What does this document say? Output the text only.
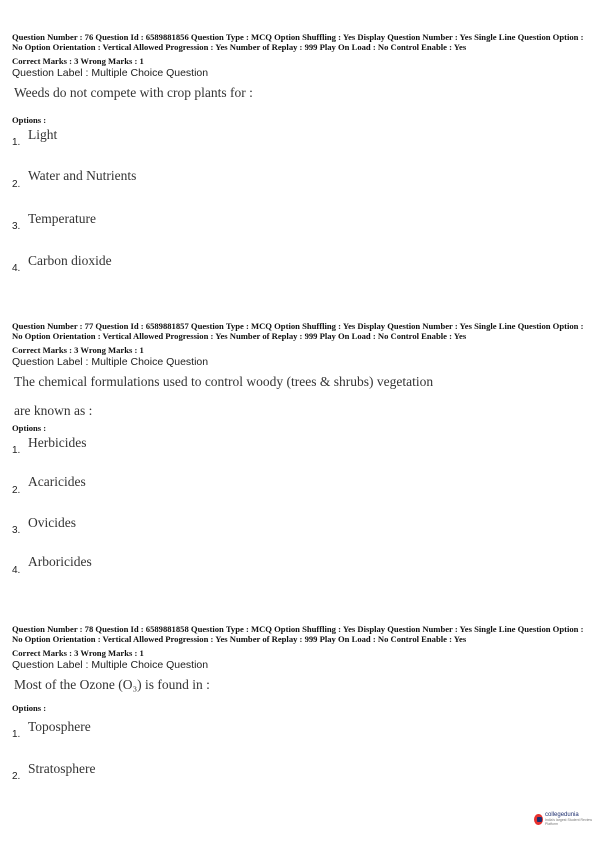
Question Number : 76 Question Id : 6589881856 Question Type : MCQ Option Shuffling : Yes Display Question Number : Yes Single Line Question Option : No Option Orientation : Vertical Allowed Progression : Yes Number of Replay : 999 Play On Load : No Control Enable : Yes
Correct Marks : 3 Wrong Marks : 1
Question Label : Multiple Choice Question
Weeds do not compete with crop plants for :
Options :
1.
Light
2.
Water and Nutrients
3.
Temperature
4.
Carbon dioxide
Question Number : 77 Question Id : 6589881857 Question Type : MCQ Option Shuffling : Yes Display Question Number : Yes Single Line Question Option : No Option Orientation : Vertical Allowed Progression : Yes Number of Replay : 999 Play On Load : No Control Enable : Yes
Correct Marks : 3 Wrong Marks : 1
Question Label : Multiple Choice Question
The chemical formulations used to control woody (trees & shrubs) vegetation
are known as :
Options :
1.
Herbicides
2.
Acaricides
3.
Ovicides
4.
Arboricides
Question Number : 78 Question Id : 6589881858 Question Type : MCQ Option Shuffling : Yes Display Question Number : Yes Single Line Question Option : No Option Orientation : Vertical Allowed Progression : Yes Number of Replay : 999 Play On Load : No Control Enable : Yes
Correct Marks : 3 Wrong Marks : 1
Question Label : Multiple Choice Question
Most of the Ozone (O₃) is found in :
Options :
1.
Toposphere
2.
Stratosphere
collegedunia
India's largest Student Review Platform
